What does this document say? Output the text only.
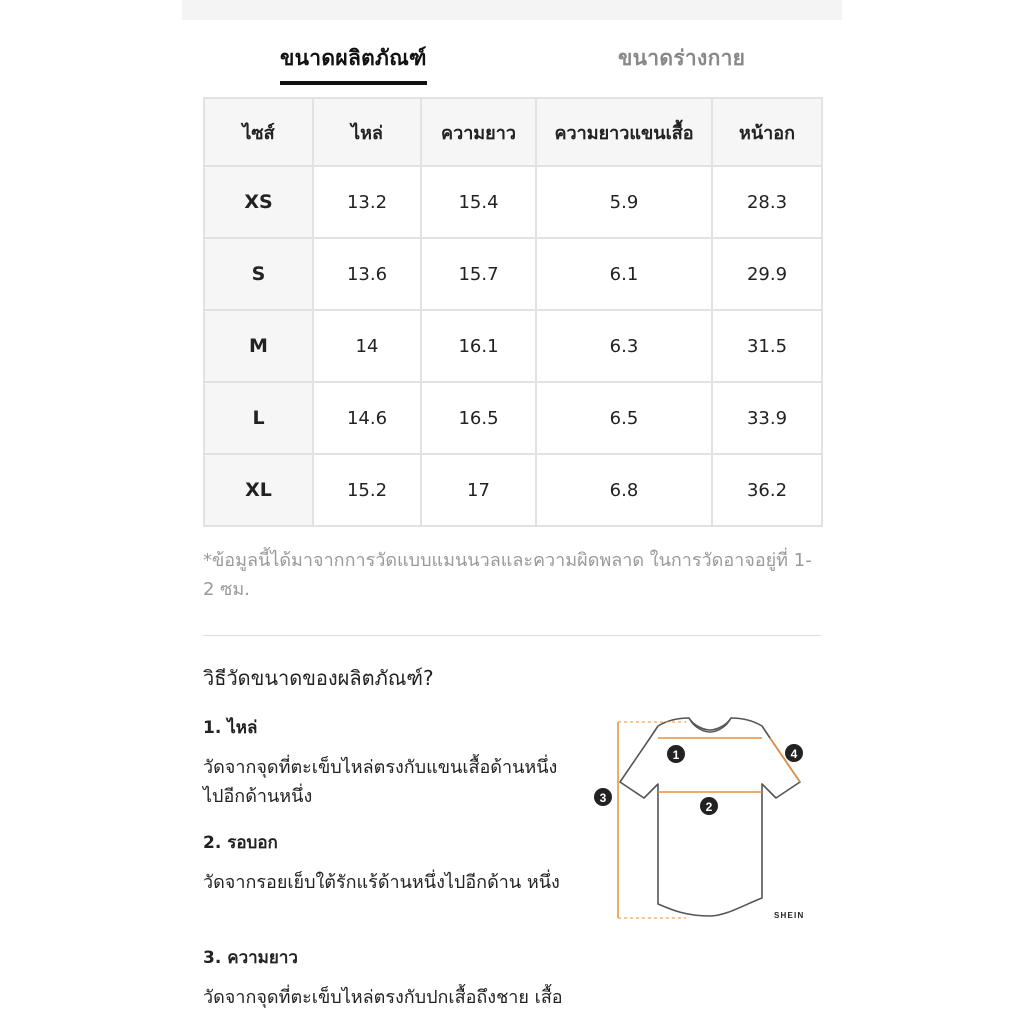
ขนาดผลิตภัณฑ์	ขนาดร่างกาย
ไซส์	ไหล่	ความยาว	ความยาวแขนเสื้อ	หน้าอก
XS	13.2	15.4	5.9	28.3
S	13.6	15.7	6.1	29.9
M	14	16.1	6.3	31.5
L	14.6	16.5	6.5	33.9
XL	15.2	17	6.8	36.2
*ข้อมูลนี้ได้มาจากการวัดแบบแมนนวลและความผิดพลาด ในการวัดอาจอยู่ที่ 1-2 ซม.
วิธีวัดขนาดของผลิตภัณฑ์?
1. ไหล่
วัดจากจุดที่ตะเข็บไหล่ตรงกับแขนเสื้อด้านหนึ่ง ไปอีกด้านหนึ่ง
2. รอบอก
วัดจากรอยเย็บใต้รักแร้ด้านหนึ่งไปอีกด้าน หนึ่ง
3. ความยาว
วัดจากจุดที่ตะเข็บไหล่ตรงกับปกเสื้อถึงชาย เสื้อ
1
2
3
4
SHEIN
